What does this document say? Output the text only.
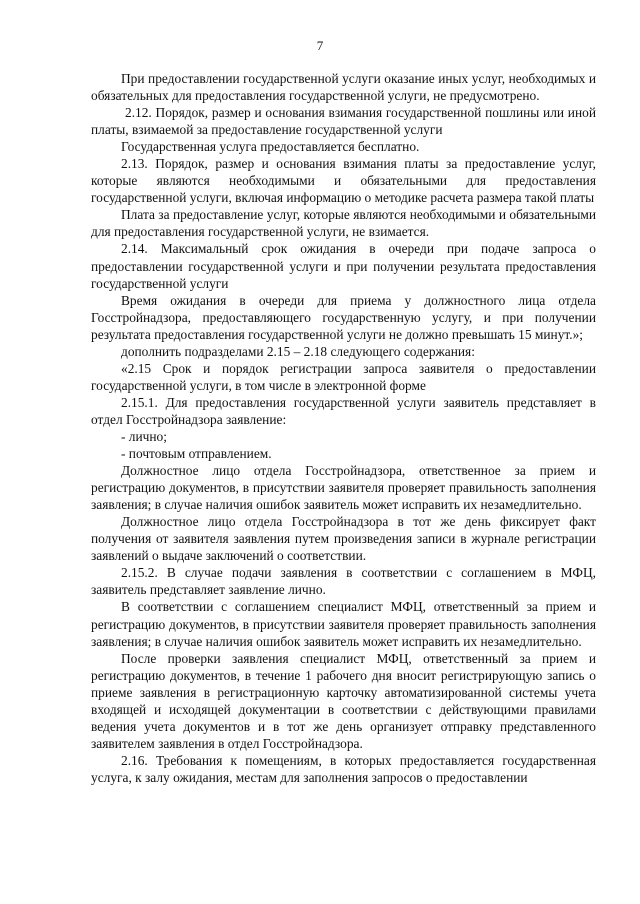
7

При предоставлении государственной услуги оказание иных услуг, необходимых и обязательных для предоставления государственной услуги, не предусмотрено.

2.12. Порядок, размер и основания взимания государственной пошлины или иной платы, взимаемой за предоставление государственной услуги

Государственная услуга предоставляется бесплатно.

2.13. Порядок, размер и основания взимания платы за предоставление услуг, которые являются необходимыми и обязательными для предоставления государственной услуги, включая информацию о методике расчета размера такой платы

Плата за предоставление услуг, которые являются необходимыми и обязательными для предоставления государственной услуги, не взимается.

2.14. Максимальный срок ожидания в очереди при подаче запроса о предоставлении государственной услуги и при получении результата предоставления государственной услуги

Время ожидания в очереди для приема у должностного лица отдела Госстройнадзора, предоставляющего государственную услугу, и при получении результата предоставления государственной услуги не должно превышать 15 минут.»;

дополнить подразделами 2.15 – 2.18 следующего содержания:

«2.15 Срок и порядок регистрации запроса заявителя о предоставлении государственной услуги, в том числе в электронной форме

2.15.1. Для предоставления государственной услуги заявитель представляет в отдел Госстройнадзора заявление:

- лично;

- почтовым отправлением.

Должностное лицо отдела Госстройнадзора, ответственное за прием и регистрацию документов, в присутствии заявителя проверяет правильность заполнения заявления; в случае наличия ошибок заявитель может исправить их незамедлительно.

Должностное лицо отдела Госстройнадзора в тот же день фиксирует факт получения от заявителя заявления путем произведения записи в журнале регистрации заявлений о выдаче заключений о соответствии.

2.15.2. В случае подачи заявления в соответствии с соглашением в МФЦ, заявитель представляет заявление лично.

В соответствии с соглашением специалист МФЦ, ответственный за прием и регистрацию документов, в присутствии заявителя проверяет правильность заполнения заявления; в случае наличия ошибок заявитель может исправить их незамедлительно.

После проверки заявления специалист МФЦ, ответственный за прием и регистрацию документов, в течение 1 рабочего дня вносит регистрирующую запись о приеме заявления в регистрационную карточку автоматизированной системы учета входящей и исходящей документации в соответствии с действующими правилами ведения учета документов и в тот же день организует отправку представленного заявителем заявления в отдел Госстройнадзора.

2.16. Требования к помещениям, в которых предоставляется государственная услуга, к залу ожидания, местам для заполнения запросов о предоставлении
